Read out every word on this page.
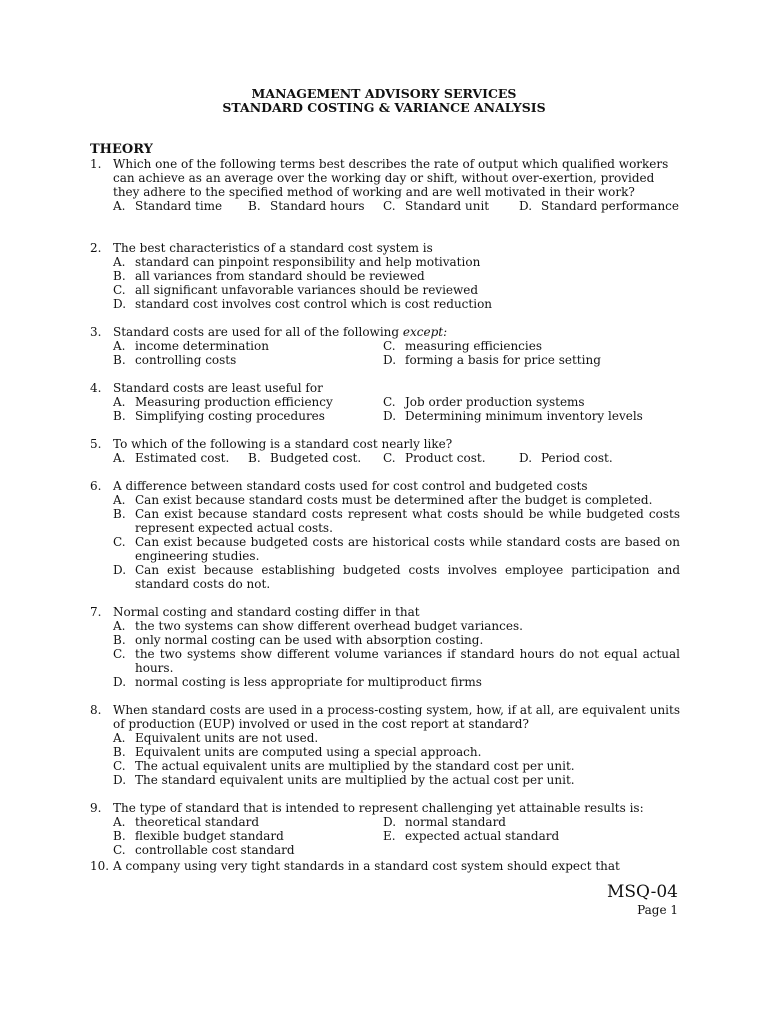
MANAGEMENT ADVISORY SERVICES
STANDARD COSTING & VARIANCE ANALYSIS
THEORY
1. Which one of the following terms best describes the rate of output which qualified workers can achieve as an average over the working day or shift, without over-exertion, provided they adhere to the specified method of working and are well motivated in their work?
A. Standard time B. Standard hours C. Standard unit D. Standard performance
2. The best characteristics of a standard cost system is
A. standard can pinpoint responsibility and help motivation
B. all variances from standard should be reviewed
C. all significant unfavorable variances should be reviewed
D. standard cost involves cost control which is cost reduction
3. Standard costs are used for all of the following except:
A. income determination	C. measuring efficiencies
B. controlling costs	D. forming a basis for price setting
4. Standard costs are least useful for
A. Measuring production efficiency	C. Job order production systems
B. Simplifying costing procedures	D. Determining minimum inventory levels
5. To which of the following is a standard cost nearly like?
A. Estimated cost. B. Budgeted cost. C. Product cost.	D. Period cost.
6. A difference between standard costs used for cost control and budgeted costs
A. Can exist because standard costs must be determined after the budget is completed.
B. Can exist because standard costs represent what costs should be while budgeted costs represent expected actual costs.
C. Can exist because budgeted costs are historical costs while standard costs are based on engineering studies.
D. Can exist because establishing budgeted costs involves employee participation and standard costs do not.
7. Normal costing and standard costing differ in that
A. the two systems can show different overhead budget variances.
B. only normal costing can be used with absorption costing.
C. the two systems show different volume variances if standard hours do not equal actual hours.
D. normal costing is less appropriate for multiproduct firms
8. When standard costs are used in a process-costing system, how, if at all, are equivalent units of production (EUP) involved or used in the cost report at standard?
A. Equivalent units are not used.
B. Equivalent units are computed using a special approach.
C. The actual equivalent units are multiplied by the standard cost per unit.
D. The standard equivalent units are multiplied by the actual cost per unit.
9. The type of standard that is intended to represent challenging yet attainable results is:
A. theoretical standard	D. normal standard
B. flexible budget standard	E. expected actual standard
C. controllable cost standard
10. A company using very tight standards in a standard cost system should expect that
MSQ-04
Page 1
